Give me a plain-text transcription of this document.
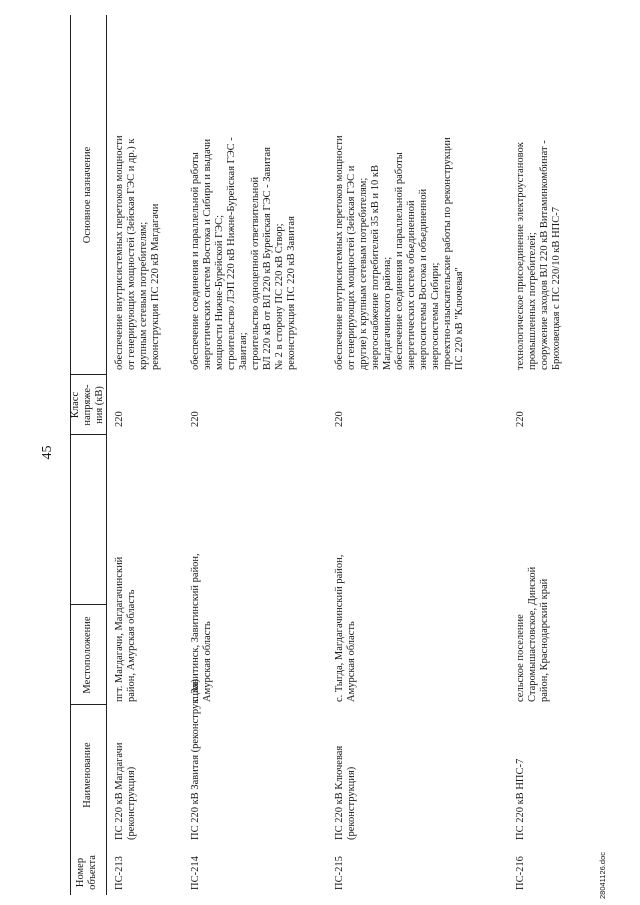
45
Номер объекта
Наименование
Местоположение
Класс напряже- ния (кВ)
Основное назначение
ПС-213
ПС 220 кВ Магдагачи (реконструкция)
пгт. Магдагачи, Магдагачинский район, Амурская область
220
обеспечение внутрисистемных перетоков мощности от генерирующих мощностей (Зейская ГЭС и др.) к крупным сетевым потребителям; реконструкция ПС 220 кВ Магдагачи
ПС-214
ПС 220 кВ Завитая (реконструкция)
г. Завитинск, Завитинский район, Амурская область
220
обеспечение соединения и параллельной работы энергетических систем Востока и Сибири и выдачи мощности Нижне-Бурейской ГЭС; строительство ЛЭП 220 кВ Нижне-Бурейская ГЭС - Завитая; строительство одноцепной ответвительной ВЛ 220 кВ от ВЛ 220 кВ Бурейская ГЭС - Завитая № 2 в сторону ПС 220 кВ Створ; реконструкция ПС 220 кВ Завитая
ПС-215
ПС 220 кВ Ключевая (реконструкция)
с. Тыгда, Магдагачинский район, Амурская область
220
обеспечение внутрисистемных перетоков мощности от генерирующих мощностей (Зейская ГЭС и другие) к крупным сетевым потребителям; энергоснабжение потребителей 35 кВ и 10 кВ Магдагачинского района; обеспечение соединения и параллельной работы энергетических систем объединенной энергосистемы Востока и объединенной энергосистемы Сибири; проектно-изыскательские работы по реконструкции ПС 220 кВ "Ключевая"
ПС-216
ПС 220 кВ НПС-7
сельское поселение Старомышастовское, Динской район, Краснодарский край
220
технологическое присоединение электроустановок промышленных потребителей; сооружение заходов ВЛ 220 кВ Витаминкомбинат - Брюховецкая с ПС 220/10 кВ НПС-7
28041126.doc
